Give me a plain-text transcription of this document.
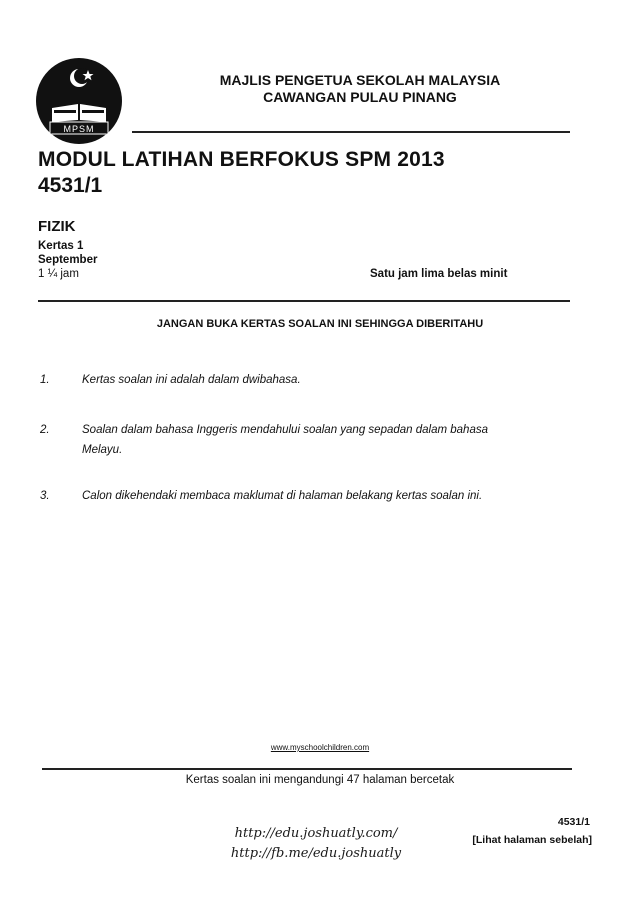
MPSM
MAJLIS PENGETUA SEKOLAH MALAYSIA
CAWANGAN PULAU PINANG
MODUL LATIHAN BERFOKUS SPM 2013
4531/1
FIZIK
Kertas 1
September
1 ¼ jam	Satu jam lima belas minit
JANGAN BUKA KERTAS SOALAN INI SEHINGGA DIBERITAHU
1.	Kertas soalan ini adalah dalam dwibahasa.
2.	Soalan dalam bahasa Inggeris mendahului soalan yang sepadan dalam bahasa
Melayu.
3.	Calon dikehendaki membaca maklumat di halaman belakang kertas soalan ini.
www.myschoolchildren.com
Kertas soalan ini mengandungi 47 halaman bercetak
http://edu.joshuatly.com/
http://fb.me/edu.joshuatly
4531/1
[Lihat halaman sebelah]
